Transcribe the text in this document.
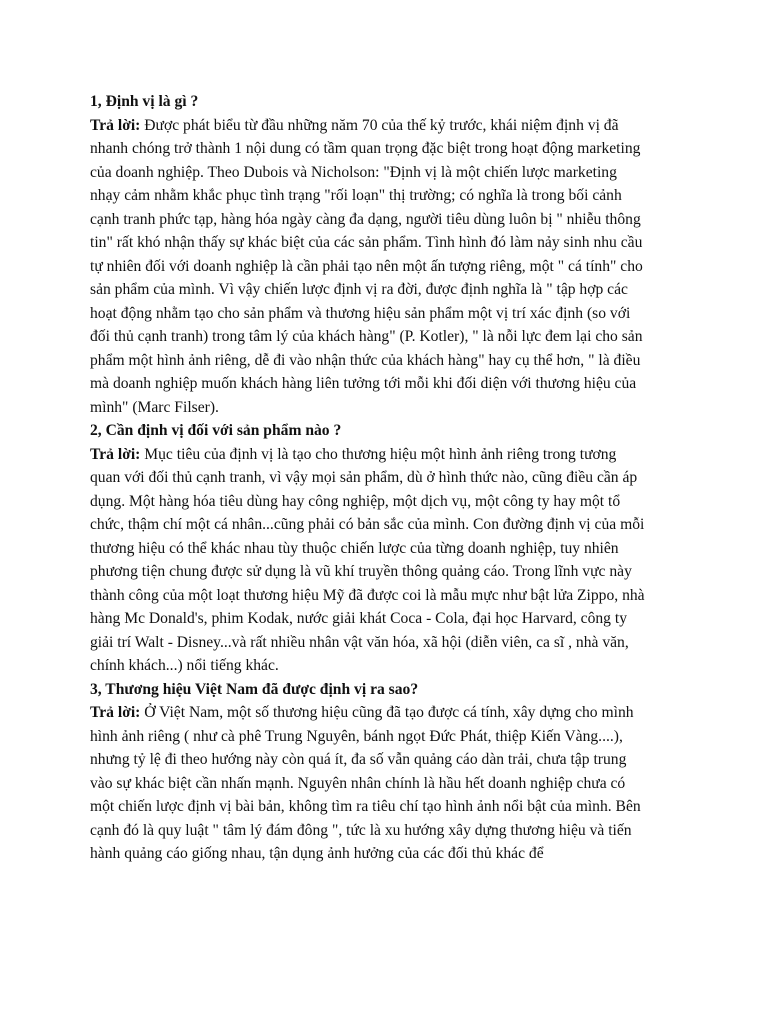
1, Định vị là gì ?

Trả lời: Được phát biểu từ đầu những năm 70 của thế kỷ trước, khái niệm định vị đã nhanh chóng trở thành 1 nội dung có tầm quan trọng đặc biệt trong hoạt động marketing của doanh nghiệp. Theo Dubois và Nicholson: "Định vị là một chiến lược marketing nhạy cảm nhằm khắc phục tình trạng "rối loạn" thị trường; có nghĩa là trong bối cảnh cạnh tranh phức tạp, hàng hóa ngày càng đa dạng, người tiêu dùng luôn bị " nhiễu thông tin" rất khó nhận thấy sự khác biệt của các sản phẩm. Tình hình đó làm nảy sinh nhu cầu tự nhiên đối với doanh nghiệp là cần phải tạo nên một ấn tượng riêng, một " cá tính" cho sản phẩm của mình. Vì vậy chiến lược định vị ra đời, được định nghĩa là " tập hợp các hoạt động nhằm tạo cho sản phẩm và thương hiệu sản phẩm một vị trí xác định (so với đối thủ cạnh tranh) trong tâm lý của khách hàng" (P. Kotler), " là nỗi lực đem lại cho sản phẩm một hình ảnh riêng, dễ đi vào nhận thức của khách hàng" hay cụ thể hơn, " là điều mà doanh nghiệp muốn khách hàng liên tưởng tới mỗi khi đối diện với thương hiệu của mình" (Marc Filser).

2, Cần định vị đối với sản phẩm nào ?

Trả lời: Mục tiêu của định vị là tạo cho thương hiệu một hình ảnh riêng trong tương quan với đối thủ cạnh tranh, vì vậy mọi sản phẩm, dù ở hình thức nào, cũng điều cần áp dụng. Một hàng hóa tiêu dùng hay công nghiệp, một dịch vụ, một công ty hay một tổ chức, thậm chí một cá nhân...cũng phải có bản sắc của mình. Con đường định vị của mỗi thương hiệu có thể khác nhau tùy thuộc chiến lược của từng doanh nghiệp, tuy nhiên phương tiện chung được sử dụng là vũ khí truyền thông quảng cáo. Trong lĩnh vực này thành công của một loạt thương hiệu Mỹ đã được coi là mẫu mực như bật lửa Zippo, nhà hàng Mc Donald's, phim Kodak, nước giải khát Coca - Cola, đại học Harvard, công ty giải trí Walt - Disney...và rất nhiều nhân vật văn hóa, xã hội (diễn viên, ca sĩ , nhà văn, chính khách...) nổi tiếng khác.

3, Thương hiệu Việt Nam đã được định vị ra sao?

Trả lời: Ở Việt Nam, một số thương hiệu cũng đã tạo được cá tính, xây dựng cho mình hình ảnh riêng ( như cà phê Trung Nguyên, bánh ngọt Đức Phát, thiệp Kiến Vàng....), nhưng tỷ lệ đi theo hướng này còn quá ít, đa số vẫn quảng cáo dàn trải, chưa tập trung vào sự khác biệt cần nhấn mạnh. Nguyên nhân chính là hầu hết doanh nghiệp chưa có một chiến lược định vị bài bản, không tìm ra tiêu chí tạo hình ảnh nổi bật của mình. Bên cạnh đó là quy luật " tâm lý đám đông ", tức là xu hướng xây dựng thương hiệu và tiến hành quảng cáo giống nhau, tận dụng ảnh hưởng của các đối thủ khác để
